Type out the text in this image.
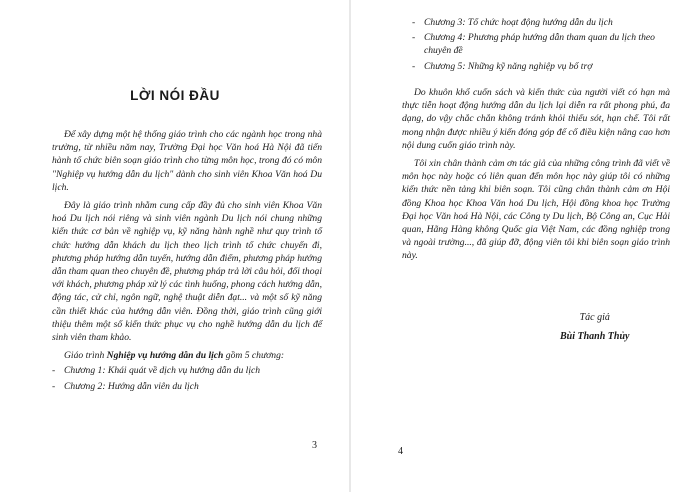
- Chương 3: Tổ chức hoạt động hướng dẫn du lịch
- Chương 4: Phương pháp hướng dẫn tham quan du lịch theo chuyên đề
- Chương 5: Những kỹ năng nghiệp vụ bổ trợ
LỜI NÓI ĐẦU

Để xây dựng một hệ thống giáo trình cho các ngành học trong nhà trường, từ nhiều năm nay, Trường Đại học Văn hoá Hà Nội đã tiến hành tổ chức biên soạn giáo trình cho từng môn học, trong đó có môn "Nghiệp vụ hướng dẫn du lịch" dành cho sinh viên Khoa Văn hoá Du lịch.

Đây là giáo trình nhằm cung cấp đầy đủ cho sinh viên Khoa Văn hoá Du lịch nói riêng và sinh viên ngành Du lịch nói chung những kiến thức cơ bản về nghiệp vụ, kỹ năng hành nghề như quy trình tổ chức hướng dẫn khách du lịch theo lịch trình tổ chức chuyến đi, phương pháp hướng dẫn tuyến, hướng dẫn điểm, phương pháp hướng dẫn tham quan theo chuyên đề, phương pháp trả lời câu hỏi, đối thoại với khách, phương pháp xử lý các tình huống, phong cách hướng dẫn, động tác, cử chỉ, ngôn ngữ, nghệ thuật diễn đạt... và một số kỹ năng cần thiết khác của hướng dẫn viên. Đồng thời, giáo trình cũng giới thiệu thêm một số kiến thức phục vụ cho nghề hướng dẫn du lịch để sinh viên tham khảo.

Giáo trình Nghiệp vụ hướng dẫn du lịch gồm 5 chương:

- Chương 1: Khái quát về dịch vụ hướng dẫn du lịch
- Chương 2: Hướng dẫn viên du lịch
3

Do khuôn khổ cuốn sách và kiến thức của người viết có hạn mà thực tiễn hoạt động hướng dẫn du lịch lại diễn ra rất phong phú, đa dạng, do vậy chắc chắn không tránh khỏi thiếu sót, hạn chế. Tôi rất mong nhận được nhiều ý kiến đóng góp để cố điều kiện nâng cao hơn nội dung cuốn giáo trình này.

Tôi xin chân thành cảm ơn tác giả của những công trình đã viết về môn học này hoặc có liên quan đến môn học này giúp tôi có những kiến thức nền tảng khi biên soạn. Tôi cũng chân thành cảm ơn Hội đồng Khoa học Khoa Văn hoá Du lịch, Hội đồng khoa học Trường Đại học Văn hoá Hà Nội, các Công ty Du lịch, Bộ Công an, Cục Hải quan, Hãng Hàng không Quốc gia Việt Nam, các đồng nghiệp trong và ngoài trường..., đã giúp đỡ, động viên tôi khi biên soạn giáo trình này.

Tác giả
Bùi Thanh Thủy
4
